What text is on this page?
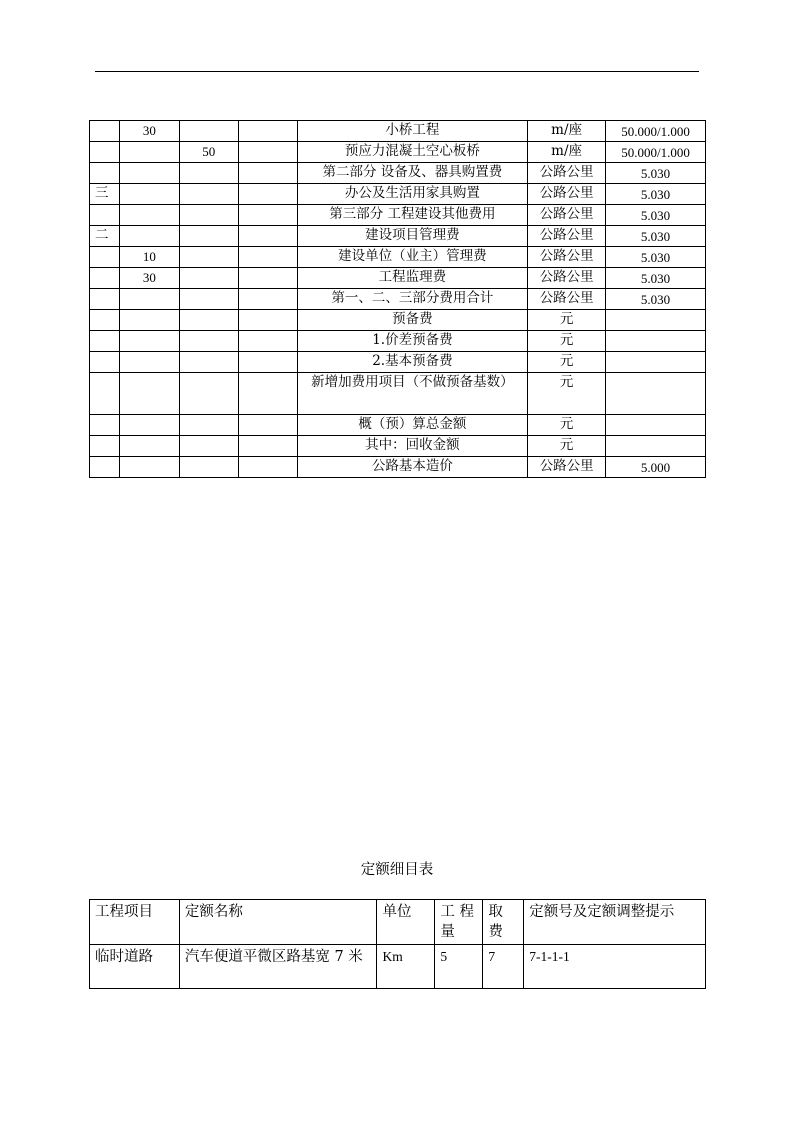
	30			小桥工程	m/座	50.000/1.000
		50		预应力混凝土空心板桥	m/座	50.000/1.000
				第二部分 设备及、器具购置费	公路公里	5.030
三				办公及生活用家具购置	公路公里	5.030
				第三部分 工程建设其他费用	公路公里	5.030
二				建设项目管理费	公路公里	5.030
	10			建设单位（业主）管理费	公路公里	5.030
	30			工程监理费	公路公里	5.030
				第一、二、三部分费用合计	公路公里	5.030
				预备费	元	
				1.价差预备费	元	
				2.基本预备费	元	
				新增加费用项目（不做预备基数）	元	
				概（预）算总金额	元	
				其中：回收金额	元	
				公路基本造价	公路公里	5.000
定额细目表
工程项目	定额名称	单位	工 程 量	取 费	定额号及定额调整提示
临时道路	汽车便道平微区路基宽 7 米	Km	5	7	7-1-1-1
